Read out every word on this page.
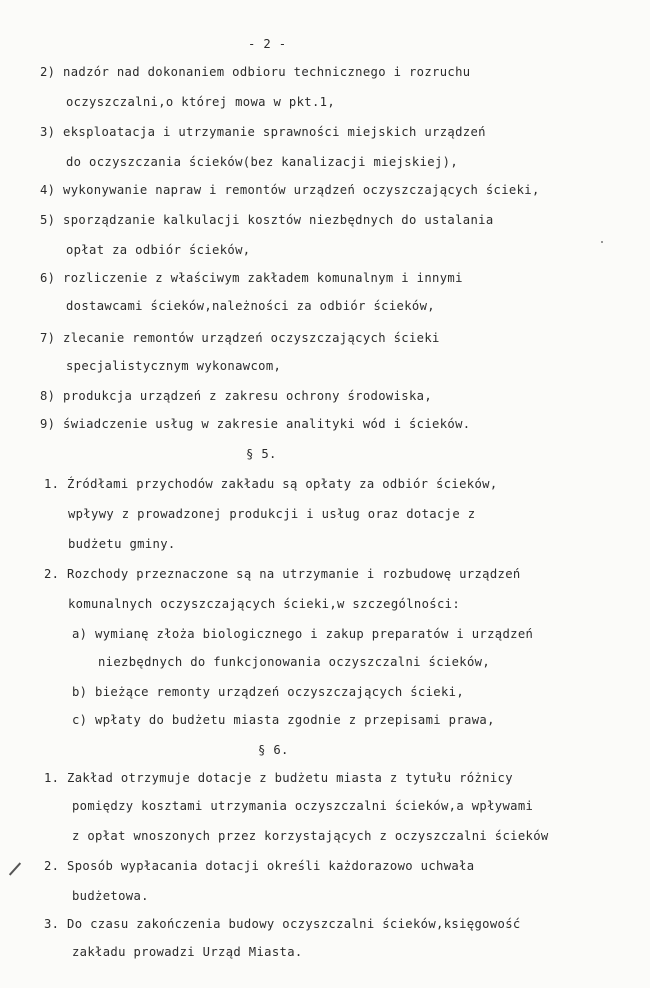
- 2 -
2) nadzór nad dokonaniem odbioru technicznego i rozruchu
oczyszczalni,o której mowa w pkt.1,
3) eksploatacja i utrzymanie sprawności miejskich urządzeń
do oczyszczania ścieków(bez kanalizacji miejskiej),
4) wykonywanie napraw i remontów urządzeń oczyszczających ścieki,
5) sporządzanie kalkulacji kosztów niezbędnych do ustalania
opłat za odbiór ścieków,
6) rozliczenie z właściwym zakładem komunalnym i innymi
dostawcami ścieków,należności za odbiór ścieków,
7) zlecanie remontów urządzeń oczyszczających ścieki
specjalistycznym wykonawcom,
8) produkcja urządzeń z zakresu ochrony środowiska,
9) świadczenie usług w zakresie analityki wód i ścieków.
§ 5.
1. Źródłami przychodów zakładu są opłaty za odbiór ścieków,
wpływy z prowadzonej produkcji i usług oraz dotacje z
budżetu gminy.
2. Rozchody przeznaczone są na utrzymanie i rozbudowę urządzeń
komunalnych oczyszczających ścieki,w szczególności:
a) wymianę złoża biologicznego i zakup preparatów i urządzeń
niezbędnych do funkcjonowania oczyszczalni ścieków,
b) bieżące remonty urządzeń oczyszczających ścieki,
c) wpłaty do budżetu miasta zgodnie z przepisami prawa,
§ 6.
1. Zakład otrzymuje dotacje z budżetu miasta z tytułu różnicy
pomiędzy kosztami utrzymania oczyszczalni ścieków,a wpływami
z opłat wnoszonych przez korzystających z oczyszczalni ścieków
2. Sposób wypłacania dotacji określi każdorazowo uchwała
budżetowa.
3. Do czasu zakończenia budowy oczyszczalni ścieków,księgowość
zakładu prowadzi Urząd Miasta.
